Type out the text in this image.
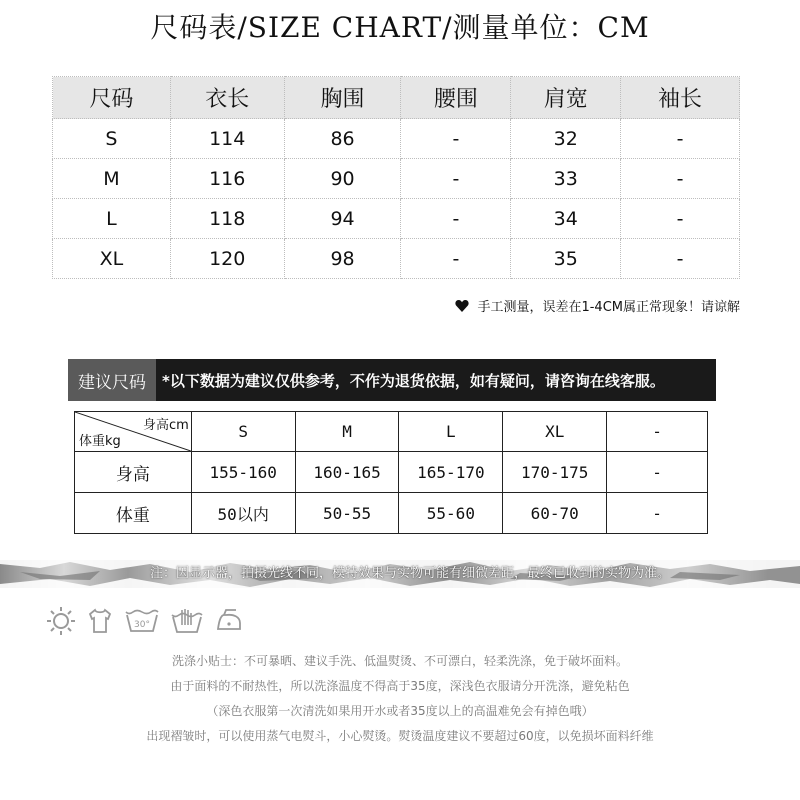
尺码表/SIZE CHART/测量单位：CM
尺码	衣长	胸围	腰围	肩宽	袖长
S	114	86	-	32	-
M	116	90	-	33	-
L	118	94	-	34	-
XL	120	98	-	35	-
手工测量，误差在1-4CM属正常现象！请谅解
建议尺码	*以下数据为建议仅供参考，不作为退货依据，如有疑问，请咨询在线客服。
身高cm
体重kg	S	M	L	XL	-
身高	155-160	160-165	165-170	170-175	-
体重	50以内	50-55	55-60	60-70	-
注：因显示器，拍摄光线不同，模特效果与实物可能有细微差距，最终已收到的实物为准。
30°
洗涤小贴士：不可暴晒、建议手洗、低温熨烫、不可漂白，轻柔洗涤，免于破坏面料。
由于面料的不耐热性，所以洗涤温度不得高于35度，深浅色衣服请分开洗涤，避免粘色
（深色衣服第一次清洗如果用开水或者35度以上的高温难免会有掉色哦）
出现褶皱时，可以使用蒸气电熨斗，小心熨烫。熨烫温度建议不要超过60度，以免损坏面料纤维
